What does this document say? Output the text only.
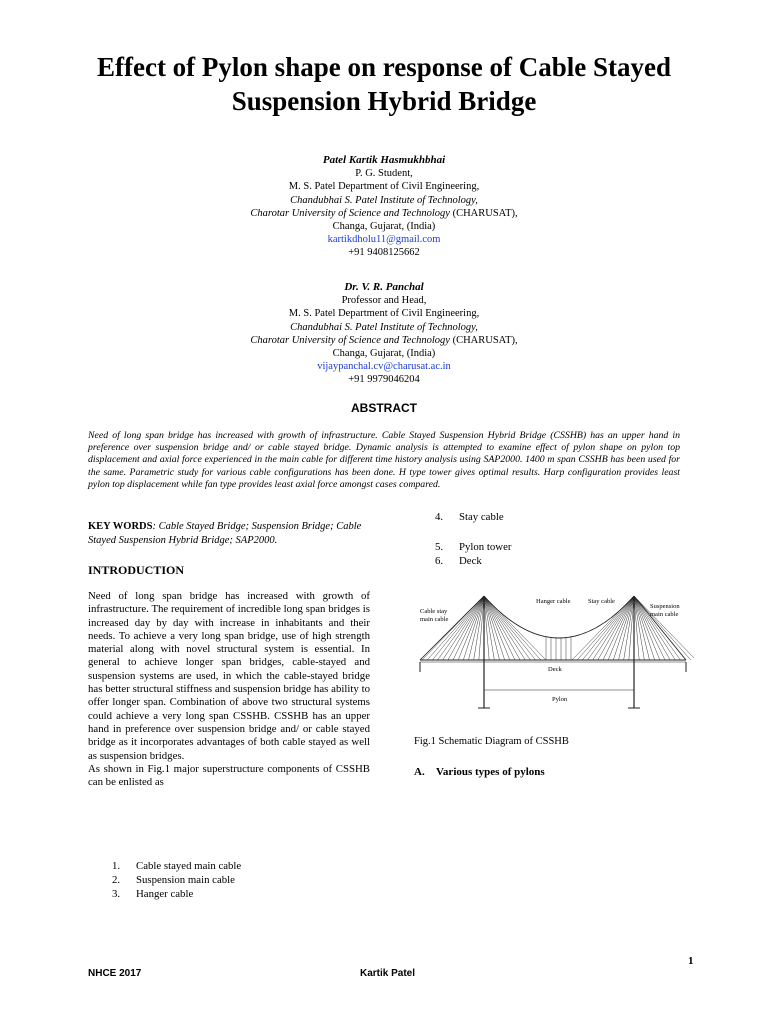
Effect of Pylon shape on response of Cable Stayed Suspension Hybrid Bridge
Patel Kartik Hasmukhbhai
P. G. Student,
M. S. Patel Department of Civil Engineering,
Chandubhai S. Patel Institute of Technology,
Charotar University of Science and Technology (CHARUSAT),
Changa, Gujarat, (India)
kartikdholu11@gmail.com
+91 9408125662
Dr. V. R. Panchal
Professor and Head,
M. S. Patel Department of Civil Engineering,
Chandubhai S. Patel Institute of Technology,
Charotar University of Science and Technology (CHARUSAT),
Changa, Gujarat, (India)
vijaypanchal.cv@charusat.ac.in
+91 9979046204
ABSTRACT
Need of long span bridge has increased with growth of infrastructure. Cable Stayed Suspension Hybrid Bridge (CSSHB) has an upper hand in preference over suspension bridge and/ or cable stayed bridge. Dynamic analysis is attempted to examine effect of pylon shape on pylon top displacement and axial force experienced in the main cable for different time history analysis using SAP2000. 1400 m span CSSHB has been used for the same. Parametric study for various cable configurations has been done. H type tower gives optimal results. Harp configuration provides least pylon top displacement while fan type provides least axial force amongst cases compared.
KEY WORDS: Cable Stayed Bridge; Suspension Bridge; Cable Stayed Suspension Hybrid Bridge; SAP2000.
INTRODUCTION

Need of long span bridge has increased with growth of infrastructure. The requirement of incredible long span bridges is increased day by day with increase in inhabitants and their needs. To achieve a very long span bridge, use of high strength material along with novel structural system is essential. In general to achieve longer span bridges, cable-stayed and suspension systems are used, in which the cable-stayed bridge has better structural stiffness and suspension bridge has ability to offer longer span. Combination of above two structural systems could achieve a very long span CSSHB. CSSHB has an upper hand in preference over suspension bridge and/ or cable stayed bridge as it incorporates advantages of both cable stayed as well as suspension bridges.

As shown in Fig.1 major superstructure components of CSSHB can be enlisted as

1. Cable stayed main cable
2. Suspension main cable
3. Hanger cable
4. Stay cable
5. Pylon tower
6. Deck
Cable stay
main cable
Hanger cable	Stay cable
Suspension
main cable
Deck
Pylon
Fig.1 Schematic Diagram of CSSHB
A. Various types of pylons
NHCE 2017	Kartik Patel
1
